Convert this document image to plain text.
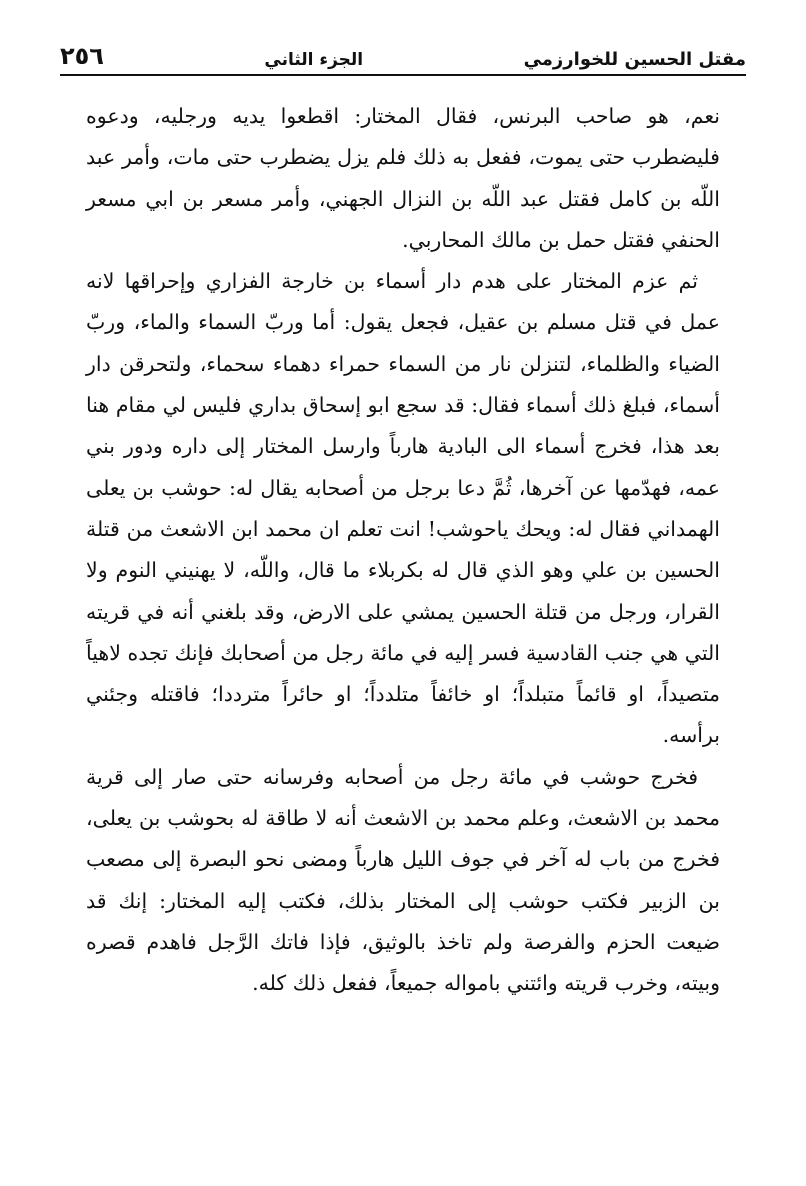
مقتل الحسين للخوارزمي
الجزء الثاني
٢٥٦

نعم، هو صاحب البرنس، فقال المختار: اقطعوا يديه ورجليه، ودعوه فليضطرب حتى يموت، ففعل به ذلك فلم يزل يضطرب حتى مات، وأمر عبد اللّه بن كامل فقتل عبد اللّه بن النزال الجهني، وأمر مسعر بن ابي مسعر الحنفي فقتل حمل بن مالك المحاربي.

ثم عزم المختار على هدم دار أسماء بن خارجة الفزاري وإحراقها لانه عمل في قتل مسلم بن عقيل، فجعل يقول: أما وربّ السماء والماء، وربّ الضياء والظلماء، لتنزلن نار من السماء حمراء دهماء سحماء، ولتحرقن دار أسماء، فبلغ ذلك أسماء فقال: قد سجع ابو إسحاق بداري فليس لي مقام هنا بعد هذا، فخرج أسماء الى البادية هارباً وارسل المختار إلى داره ودور بني عمه، فهدّمها عن آخرها، ثُمَّ دعا برجل من أصحابه يقال له: حوشب بن يعلى الهمداني فقال له: ويحك ياحوشب! انت تعلم ان محمد ابن الاشعث من قتلة الحسين بن علي وهو الذي قال له بكربلاء ما قال، واللّه، لا يهنيني النوم ولا القرار، ورجل من قتلة الحسين يمشي على الارض، وقد بلغني أنه في قريته التي هي جنب القادسية فسر إليه في مائة رجل من أصحابك فإنك تجده لاهياً متصيداً، او قائماً متبلداً؛ او خائفاً متلدداً؛ او حائراً مترددا؛ فاقتله وجئني برأسه.

فخرج حوشب في مائة رجل من أصحابه وفرسانه حتى صار إلى قرية محمد بن الاشعث، وعلم محمد بن الاشعث أنه لا طاقة له بحوشب بن يعلى، فخرج من باب له آخر في جوف الليل هارباً ومضى نحو البصرة إلى مصعب بن الزبير فكتب حوشب إلى المختار بذلك، فكتب إليه المختار: إنك قد ضيعت الحزم والفرصة ولم تاخذ بالوثيق، فإذا فاتك الرَّجل فاهدم قصره وبيته، وخرب قريته وائتني بامواله جميعاً، ففعل ذلك كله.
